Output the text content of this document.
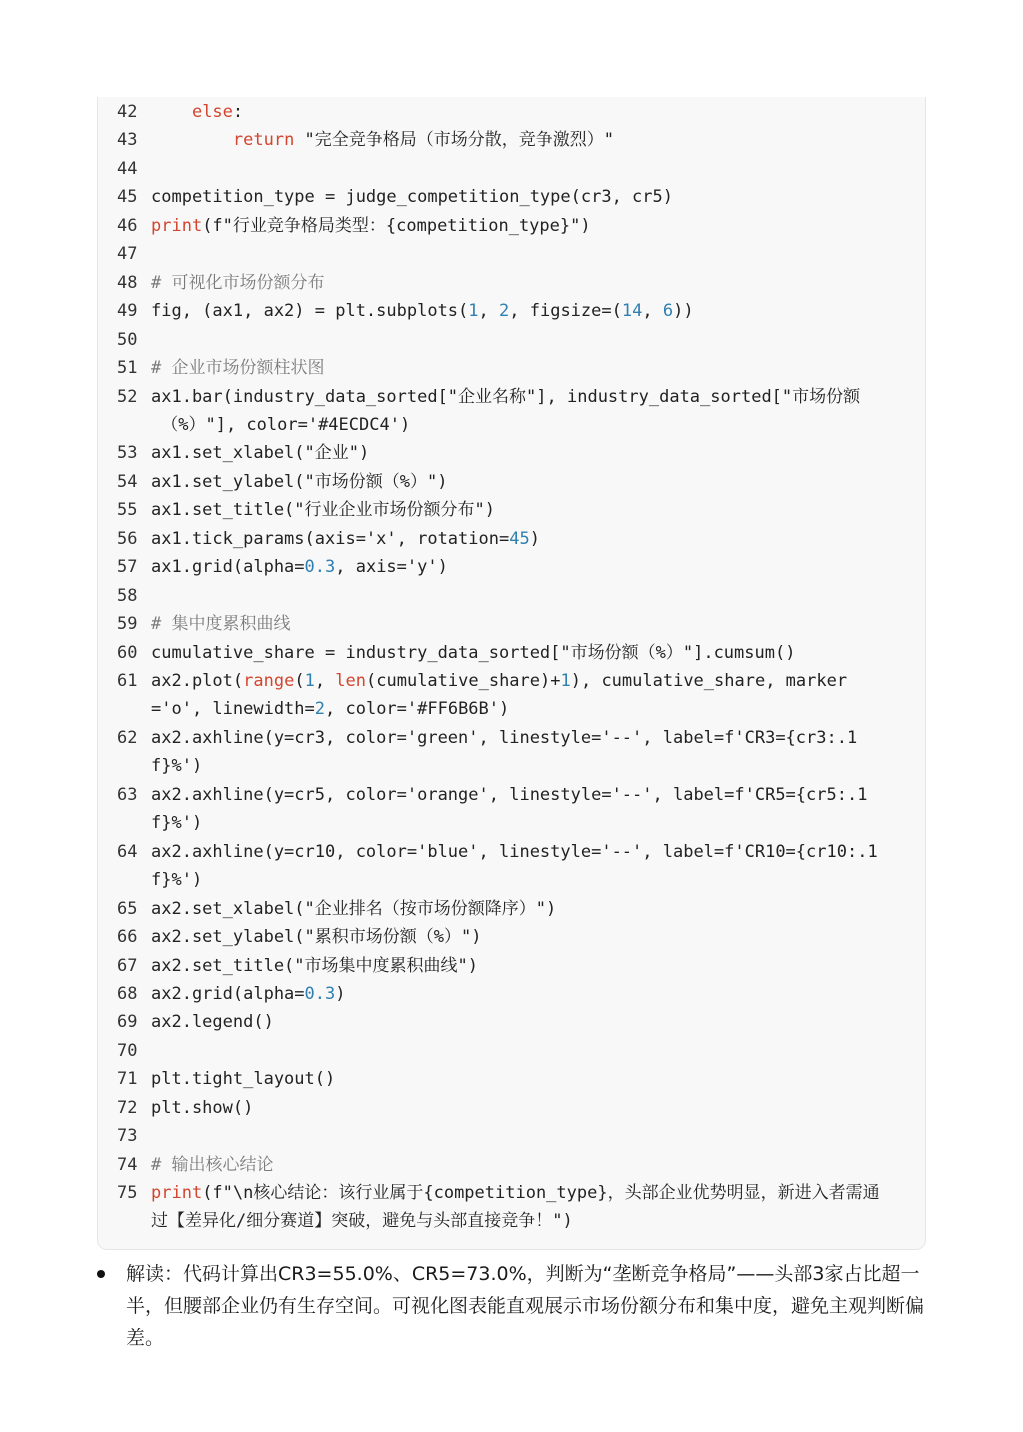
42	else:
43	return "完全竞争格局（市场分散，竞争激烈）"
44
45 competition_type = judge_competition_type(cr3, cr5)
46 print(f"行业竞争格局类型：{competition_type}")
47
48 # 可视化市场份额分布
49 fig, (ax1, ax2) = plt.subplots(1, 2, figsize=(14, 6))
50
51 # 企业市场份额柱状图
52 ax1.bar(industry_data_sorted["企业名称"], industry_data_sorted["市场份额
（%）"], color='#4ECDC4')
53 ax1.set_xlabel("企业")
54 ax1.set_ylabel("市场份额（%）")
55 ax1.set_title("行业企业市场份额分布")
56 ax1.tick_params(axis='x', rotation=45)
57 ax1.grid(alpha=0.3, axis='y')
58
59 # 集中度累积曲线
60 cumulative_share = industry_data_sorted["市场份额（%）"].cumsum()
61 ax2.plot(range(1, len(cumulative_share)+1), cumulative_share, marker
='o', linewidth=2, color='#FF6B6B')
62 ax2.axhline(y=cr3, color='green', linestyle='--', label=f'CR3={cr3:.1
f}%')
63 ax2.axhline(y=cr5, color='orange', linestyle='--', label=f'CR5={cr5:.1
f}%')
64 ax2.axhline(y=cr10, color='blue', linestyle='--', label=f'CR10={cr10:.1
f}%')
65 ax2.set_xlabel("企业排名（按市场份额降序）")
66 ax2.set_ylabel("累积市场份额（%）")
67 ax2.set_title("市场集中度累积曲线")
68 ax2.grid(alpha=0.3)
69 ax2.legend()
70
71 plt.tight_layout()
72 plt.show()
73
74 # 输出核心结论
75 print(f"\n核心结论：该行业属于{competition_type}，头部企业优势明显，新进入者需通
过【差异化/细分赛道】突破，避免与头部直接竞争！")
解读：代码计算出CR3=55.0%、CR5=73.0%，判断为“垄断竞争格局”——头部3家占比超一半，但腰部企业仍有生存空间。可视化图表能直观展示市场份额分布和集中度，避免主观判断偏差。
